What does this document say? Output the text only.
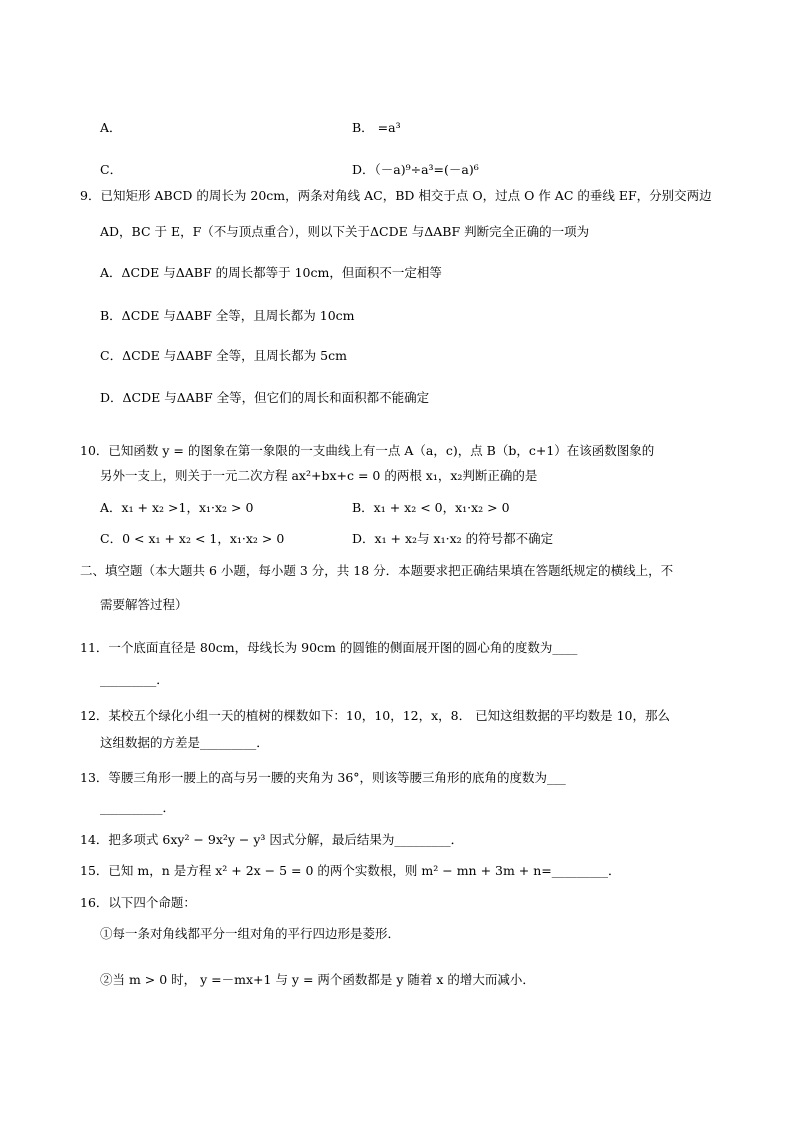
A．	B． =a³
C．	D．（－a)⁹÷a³=(－a)⁶
9．已知矩形 ABCD 的周长为 20cm，两条对角线 AC，BD 相交于点 O，过点 O 作 AC 的垂线 EF，分别交两边
AD，BC 于 E，F（不与顶点重合），则以下关于ΔCDE 与ΔABF 判断完全正确的一项为
A．ΔCDE 与ΔABF 的周长都等于 10cm，但面积不一定相等
B．ΔCDE 与ΔABF 全等，且周长都为 10cm
C．ΔCDE 与ΔABF 全等，且周长都为 5cm
D．ΔCDE 与ΔABF 全等，但它们的周长和面积都不能确定
10．已知函数 y = 的图象在第一象限的一支曲线上有一点 A（a，c)，点 B（b，c+1）在该函数图象的
另外一支上，则关于一元二次方程 ax²+bx+c = 0 的两根 x₁，x₂判断正确的是
A．x₁ + x₂ >1，x₁·x₂ > 0	B．x₁ + x₂ < 0，x₁·x₂ > 0
C．0 < x₁ + x₂ < 1，x₁·x₂ > 0	D．x₁ + x₂与 x₁·x₂ 的符号都不确定
二、填空题（本大题共 6 小题，每小题 3 分，共 18 分．本题要求把正确结果填在答题纸规定的横线上，不
需要解答过程）
11．一个底面直径是 80cm，母线长为 90cm 的圆锥的侧面展开图的圆心角的度数为____
_________．
12．某校五个绿化小组一天的植树的棵数如下：10，10，12，x，8． 已知这组数据的平均数是 10，那么
这组数据的方差是_________．
13．等腰三角形一腰上的高与另一腰的夹角为 36°，则该等腰三角形的底角的度数为___
__________．
14．把多项式 6xy² − 9x²y − y³ 因式分解，最后结果为_________．
15．已知 m，n 是方程 x² + 2x − 5 = 0 的两个实数根，则 m² − mn + 3m + n=_________．
16．以下四个命题：
①每一条对角线都平分一组对角的平行四边形是菱形．
②当 m > 0 时， y =－mx+1 与 y = 两个函数都是 y 随着 x 的增大而减小．
